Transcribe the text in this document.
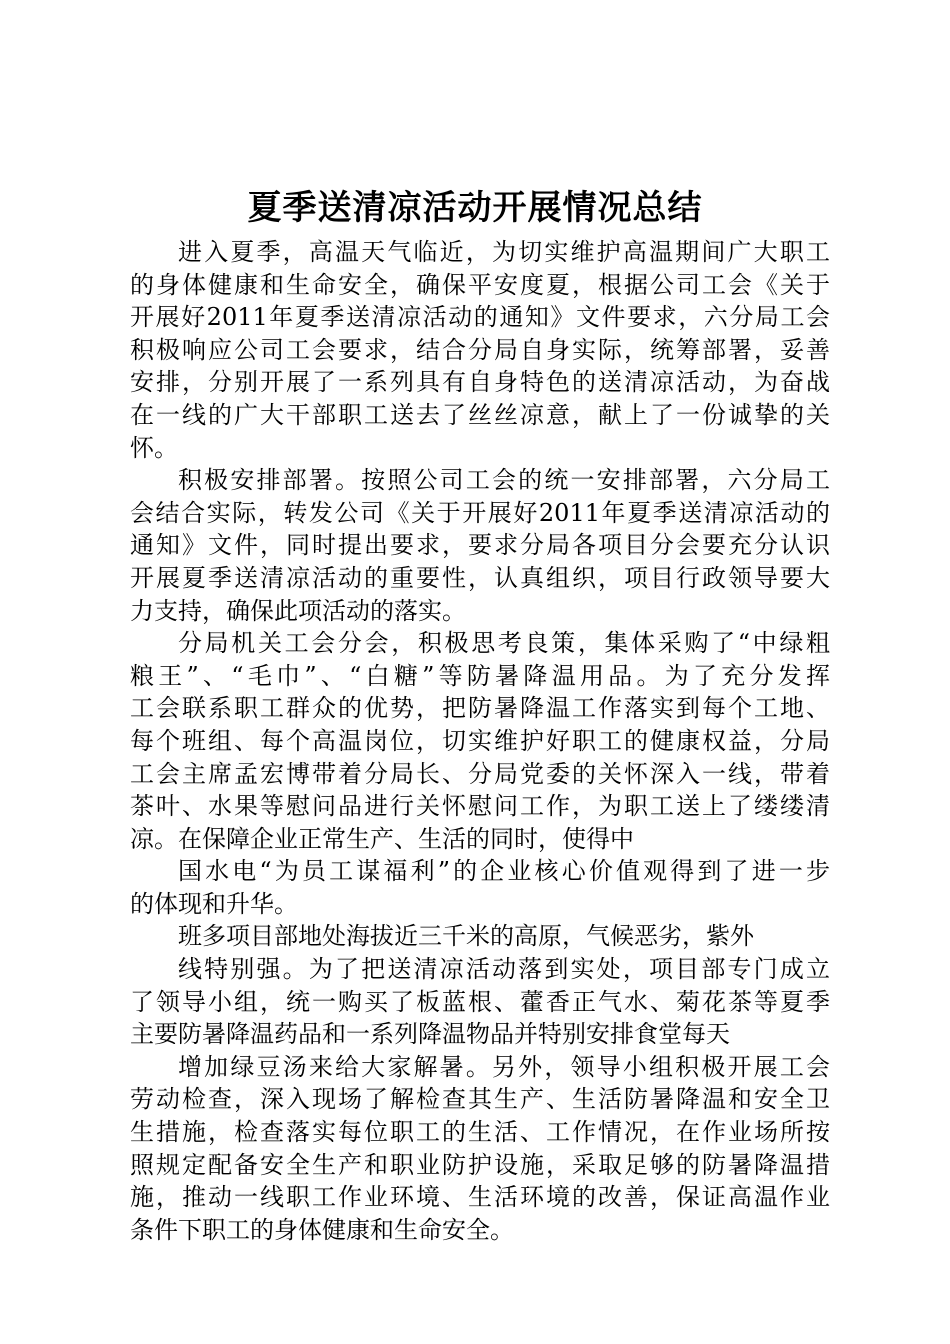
夏季送清凉活动开展情况总结
进入夏季，高温天气临近，为切实维护高温期间广大职工
的身体健康和生命安全，确保平安度夏，根据公司工会《关于
开展好2011年夏季送清凉活动的通知》文件要求，六分局工会
积极响应公司工会要求，结合分局自身实际，统筹部署，妥善
安排，分别开展了一系列具有自身特色的送清凉活动，为奋战
在一线的广大干部职工送去了丝丝凉意，献上了一份诚挚的关
怀。
积极安排部署。按照公司工会的统一安排部署，六分局工
会结合实际，转发公司《关于开展好2011年夏季送清凉活动的
通知》文件，同时提出要求，要求分局各项目分会要充分认识
开展夏季送清凉活动的重要性，认真组织，项目行政领导要大
力支持，确保此项活动的落实。
分局机关工会分会，积极思考良策，集体采购了“中绿粗
粮王”、“毛巾”、“白糖”等防暑降温用品。为了充分发挥
工会联系职工群众的优势，把防暑降温工作落实到每个工地、
每个班组、每个高温岗位，切实维护好职工的健康权益，分局
工会主席孟宏博带着分局长、分局党委的关怀深入一线，带着
茶叶、水果等慰问品进行关怀慰问工作，为职工送上了缕缕清
凉。在保障企业正常生产、生活的同时，使得中
国水电“为员工谋福利”的企业核心价值观得到了进一步
的体现和升华。
班多项目部地处海拔近三千米的高原，气候恶劣，紫外
线特别强。为了把送清凉活动落到实处，项目部专门成立
了领导小组，统一购买了板蓝根、藿香正气水、菊花茶等夏季
主要防暑降温药品和一系列降温物品并特别安排食堂每天
增加绿豆汤来给大家解暑。另外，领导小组积极开展工会
劳动检查，深入现场了解检查其生产、生活防暑降温和安全卫
生措施，检查落实每位职工的生活、工作情况，在作业场所按
照规定配备安全生产和职业防护设施，采取足够的防暑降温措
施，推动一线职工作业环境、生活环境的改善，保证高温作业
条件下职工的身体健康和生命安全。
